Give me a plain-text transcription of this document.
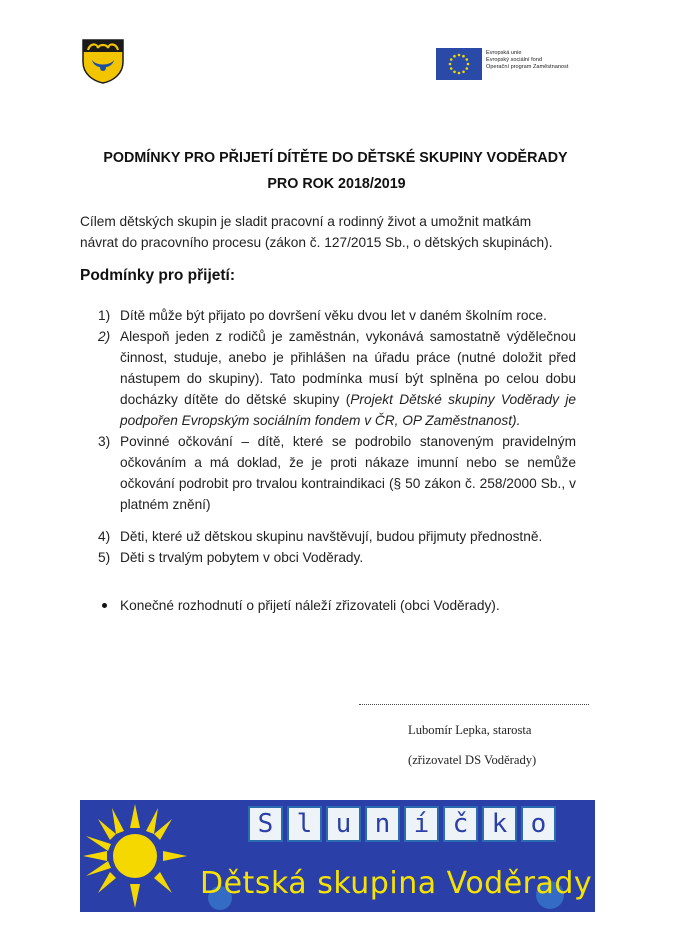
Evropská unie
Evropský sociální fond
Operační program Zaměstnanost
PODMÍNKY PRO PŘIJETÍ DÍTĚTE DO DĚTSKÉ SKUPINY VODĚRADY
PRO ROK 2018/2019
Cílem dětských skupin je sladit pracovní a rodinný život a umožnit matkám
návrat do pracovního procesu (zákon č. 127/2015 Sb., o dětských skupinách).
Podmínky pro přijetí:
1) Dítě může být přijato po dovršení věku dvou let v daném školním roce.
2) Alespoň jeden z rodičů je zaměstnán, vykonává samostatně výdělečnou činnost, studuje, anebo je přihlášen na úřadu práce (nutné doložit před nástupem do skupiny). Tato podmínka musí být splněna po celou dobu docházky dítěte do dětské skupiny (Projekt Dětské skupiny Voděrady je podpořen Evropským sociálním fondem v ČR, OP Zaměstnanost).
3) Povinné očkování – dítě, které se podrobilo stanoveným pravidelným očkováním a má doklad, že je proti nákaze imunní nebo se nemůže očkování podrobit pro trvalou kontraindikaci (§ 50 zákon č. 258/2000 Sb., v platném znění)
4) Děti, které už dětskou skupinu navštěvují, budou přijmuty přednostně.
5) Děti s trvalým pobytem v obci Voděrady.
Konečné rozhodnutí o přijetí náleží zřizovateli (obci Voděrady).
Lubomír Lepka, starosta
(zřizovatel DS Voděrady)
S l u n í č k o
Dětská skupina Voděrady
